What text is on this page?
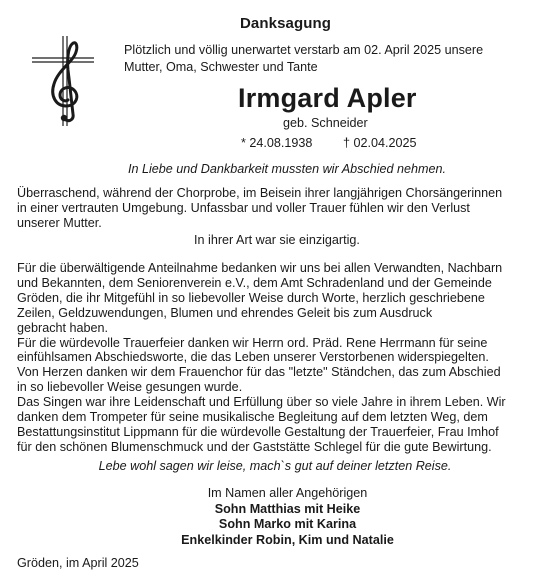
Danksagung

Plötzlich und völlig unerwartet verstarb am 02. April 2025 unsere
Mutter, Oma, Schwester und Tante

Irmgard Apler
geb. Schneider
* 24.08.1938 † 02.04.2025
In Liebe und Dankbarkeit mussten wir Abschied nehmen.

Überraschend, während der Chorprobe, im Beisein ihrer langjährigen Chorsängerinnen
in einer vertrauten Umgebung. Unfassbar und voller Trauer fühlen wir den Verlust
unserer Mutter.

In ihrer Art war sie einzigartig.

Für die überwältigende Anteilnahme bedanken wir uns bei allen Verwandten, Nachbarn
und Bekannten, dem Seniorenverein e.V., dem Amt Schradenland und der Gemeinde
Gröden, die ihr Mitgefühl in so liebevoller Weise durch Worte, herzlich geschriebene
Zeilen, Geldzuwendungen, Blumen und ehrendes Geleit bis zum Ausdruck
gebracht haben.
Für die würdevolle Trauerfeier danken wir Herrn ord. Präd. Rene Herrmann für seine
einfühlsamen Abschiedsworte, die das Leben unserer Verstorbenen widerspiegelten.
Von Herzen danken wir dem Frauenchor für das "letzte" Ständchen, das zum Abschied
in so liebevoller Weise gesungen wurde.
Das Singen war ihre Leidenschaft und Erfüllung über so viele Jahre in ihrem Leben. Wir
danken dem Trompeter für seine musikalische Begleitung auf dem letzten Weg, dem
Bestattungsinstitut Lippmann für die würdevolle Gestaltung der Trauerfeier, Frau Imhof
für den schönen Blumenschmuck und der Gaststätte Schlegel für die gute Bewirtung.

Lebe wohl sagen wir leise, mach`s gut auf deiner letzten Reise.
Im Namen aller Angehörigen
Sohn Matthias mit Heike
Sohn Marko mit Karina
Enkelkinder Robin, Kim und Natalie
Gröden, im April 2025
